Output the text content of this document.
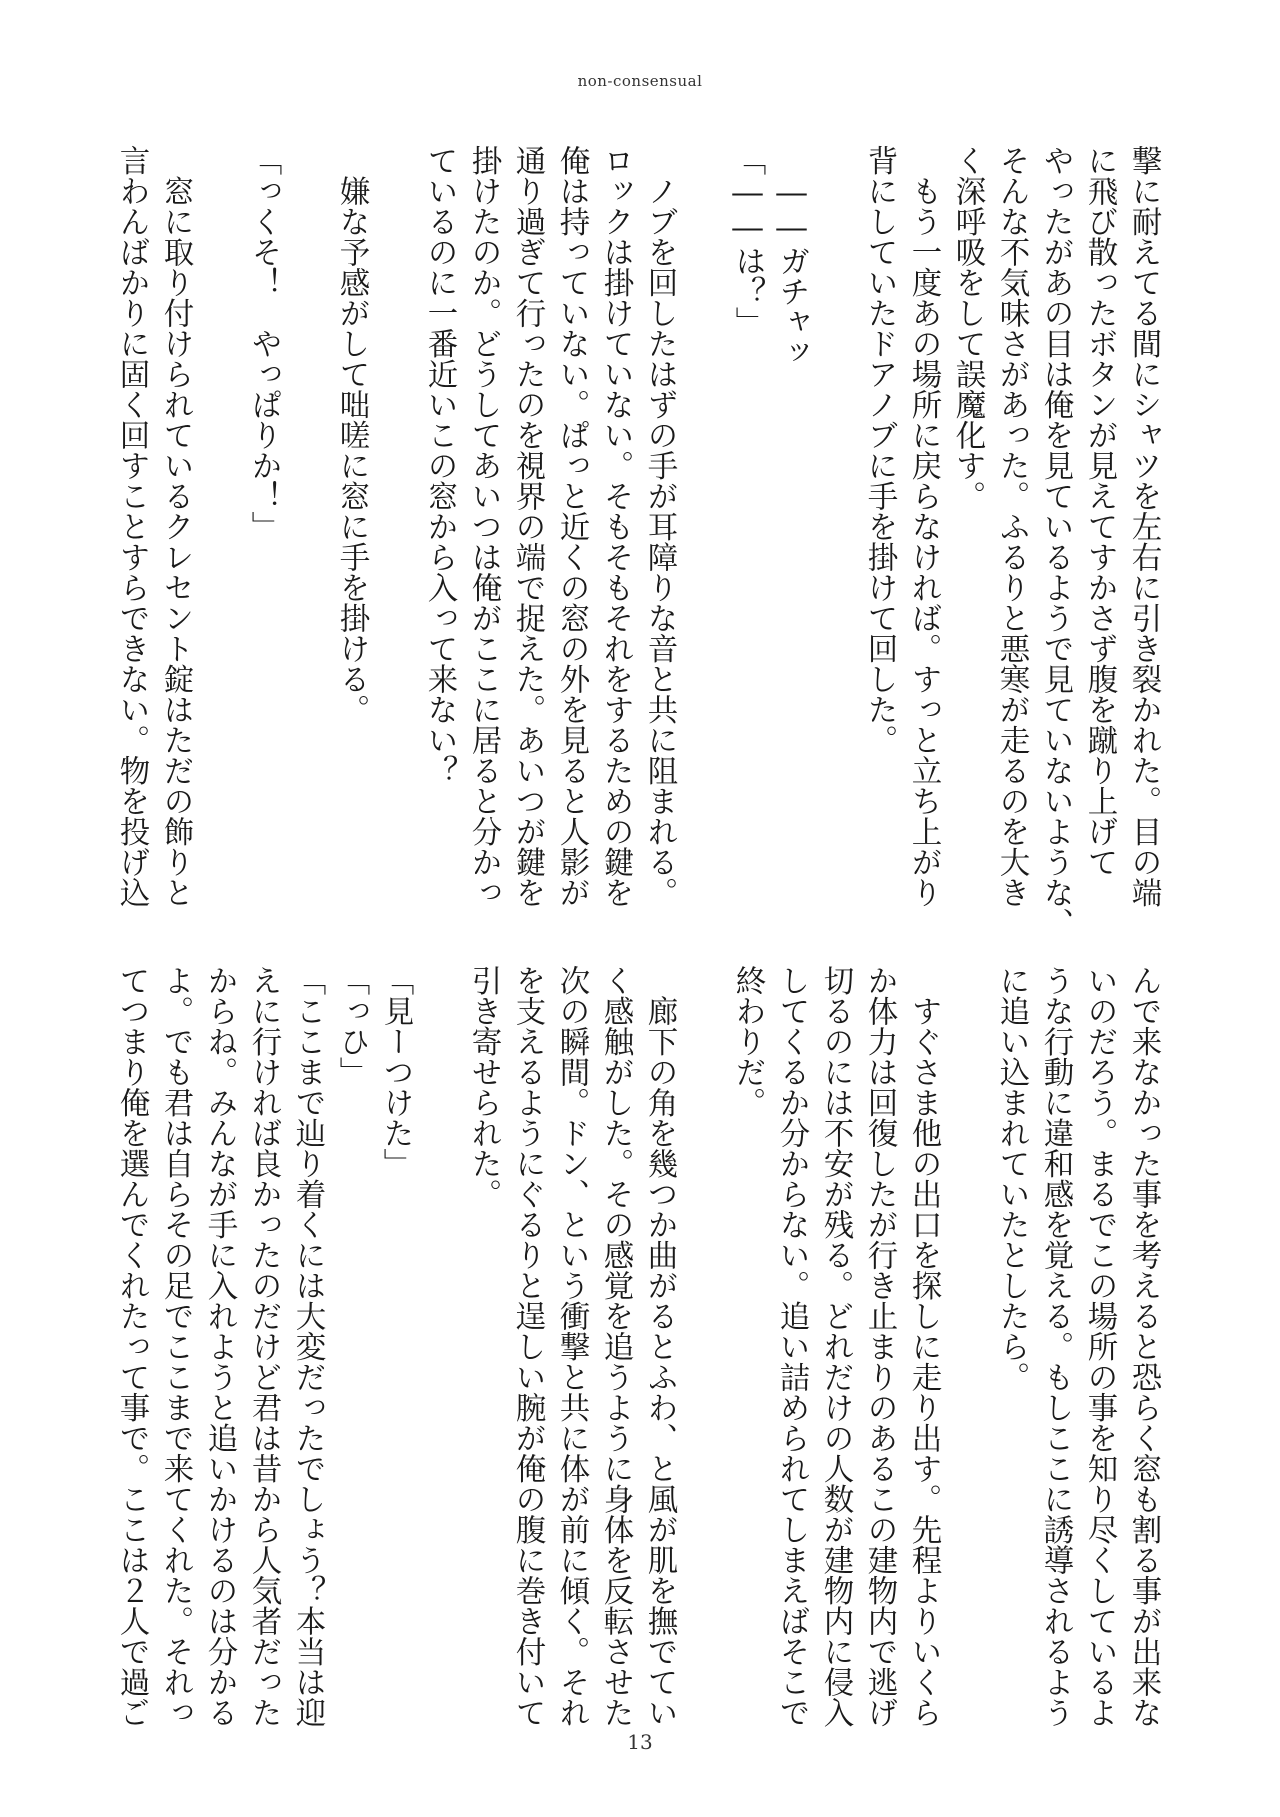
non-consensual
撃に耐えてる間にシャツを左右に引き裂かれた。目の端
に飛び散ったボタンが見えてすかさず腹を蹴り上げて
やったがあの目は俺を見ているようで見ていないような、
そんな不気味さがあった。ふるりと悪寒が走るのを大き
く深呼吸をして誤魔化す。
　もう一度あの場所に戻らなければ。すっと立ち上がり
背にしていたドアノブに手を掛けて回した。

　――ガチャッ
「――は？」

　ノブを回したはずの手が耳障りな音と共に阻まれる。
ロックは掛けていない。そもそもそれをするための鍵を
俺は持っていない。ぱっと近くの窓の外を見ると人影が
通り過ぎて行ったのを視界の端で捉えた。あいつが鍵を
掛けたのか。どうしてあいつは俺がここに居ると分かっ
ているのに一番近いこの窓から入って来ない？

　嫌な予感がして咄嗟に窓に手を掛ける。

「っくそ！　やっぱりか！」

　窓に取り付けられているクレセント錠はただの飾りと
言わんばかりに固く回すことすらできない。物を投げ込
んで来なかった事を考えると恐らく窓も割る事が出来な
いのだろう。まるでこの場所の事を知り尽くしているよ
うな行動に違和感を覚える。もしここに誘導されるよう
に追い込まれていたとしたら。

　すぐさま他の出口を探しに走り出す。先程よりいくら
か体力は回復したが行き止まりのあるこの建物内で逃げ
切るのには不安が残る。どれだけの人数が建物内に侵入
してくるか分からない。追い詰められてしまえばそこで
終わりだ。

　廊下の角を幾つか曲がるとふわ、と風が肌を撫でてい
く感触がした。その感覚を追うように身体を反転させた
次の瞬間。ドン、という衝撃と共に体が前に傾く。それ
を支えるようにぐるりと逞しい腕が俺の腹に巻き付いて
引き寄せられた。

「見ーつけた」
「っひ」
「ここまで辿り着くには大変だったでしょう？本当は迎
えに行ければ良かったのだけど君は昔から人気者だった
からね。みんなが手に入れようと追いかけるのは分かる
よ。でも君は自らその足でここまで来てくれた。それっ
てつまり俺を選んでくれたって事で。ここは２人で過ご
13
